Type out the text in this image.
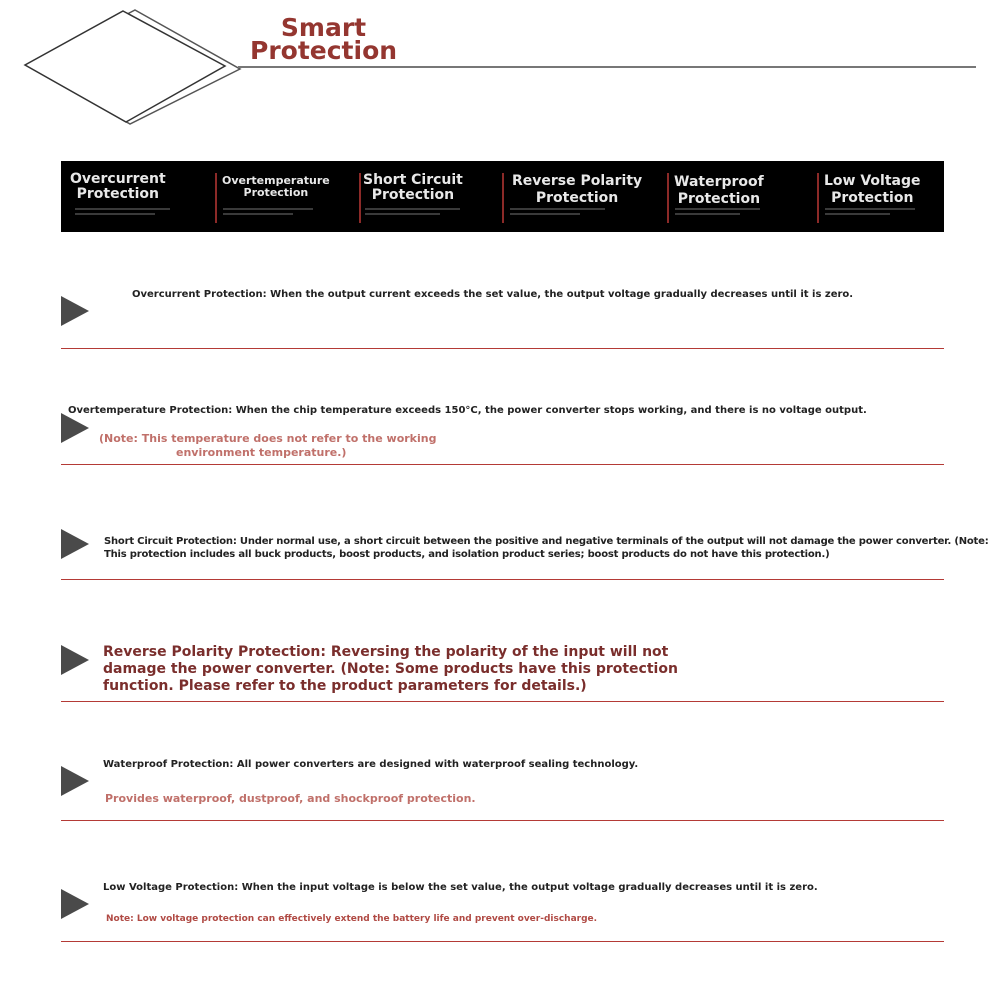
Smart
Protection
Overcurrent
Protection
Overtemperature
Protection
Short Circuit
Protection
Reverse Polarity
Protection
Waterproof
Protection
Low Voltage
Protection
Overcurrent Protection: When the output current exceeds the set value, the output voltage gradually decreases until it is zero.
Overtemperature Protection: When the chip temperature exceeds 150°C, the power converter stops working, and there is no voltage output.
(Note: This temperature does not refer to the working
environment temperature.)
Short Circuit Protection: Under normal use, a short circuit between the positive and negative terminals of the output will not damage the power converter. (Note:
This protection includes all buck products, boost products, and isolation product series; boost products do not have this protection.)
Reverse Polarity Protection: Reversing the polarity of the input will not
damage the power converter. (Note: Some products have this protection
function. Please refer to the product parameters for details.)
Waterproof Protection: All power converters are designed with waterproof sealing technology.
Provides waterproof, dustproof, and shockproof protection.
Low Voltage Protection: When the input voltage is below the set value, the output voltage gradually decreases until it is zero.
Note: Low voltage protection can effectively extend the battery life and prevent over-discharge.
